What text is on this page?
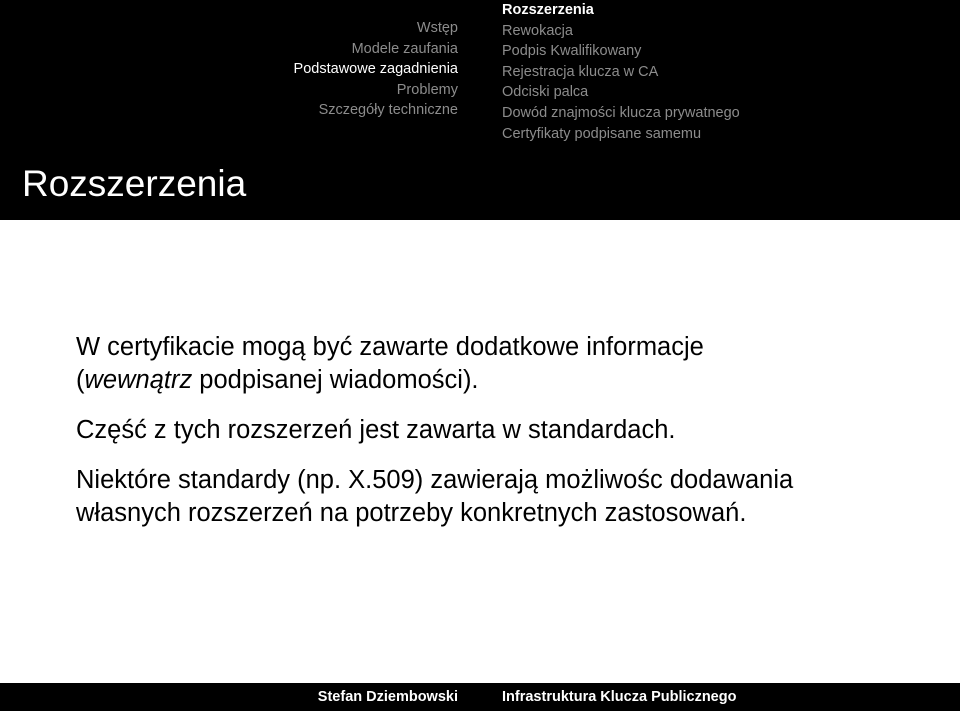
Wstęp
Modele zaufania
Podstawowe zagadnienia
Problemy
Szczegóły techniczne
Rozszerzenia
Rewokacja
Podpis Kwalifikowany
Rejestracja klucza w CA
Odciski palca
Dowód znajmości klucza prywatnego
Certyfikaty podpisane samemu
Rozszerzenia

W certyfikacie mogą być zawarte dodatkowe informacje
(wewnątrz podpisanej wiadomości).

Część z tych rozszerzeń jest zawarta w standardach.

Niektóre standardy (np. X.509) zawierają możliwośc dodawania
własnych rozszerzeń na potrzeby konkretnych zastosowań.

Stefan Dziembowski	Infrastruktura Klucza Publicznego
